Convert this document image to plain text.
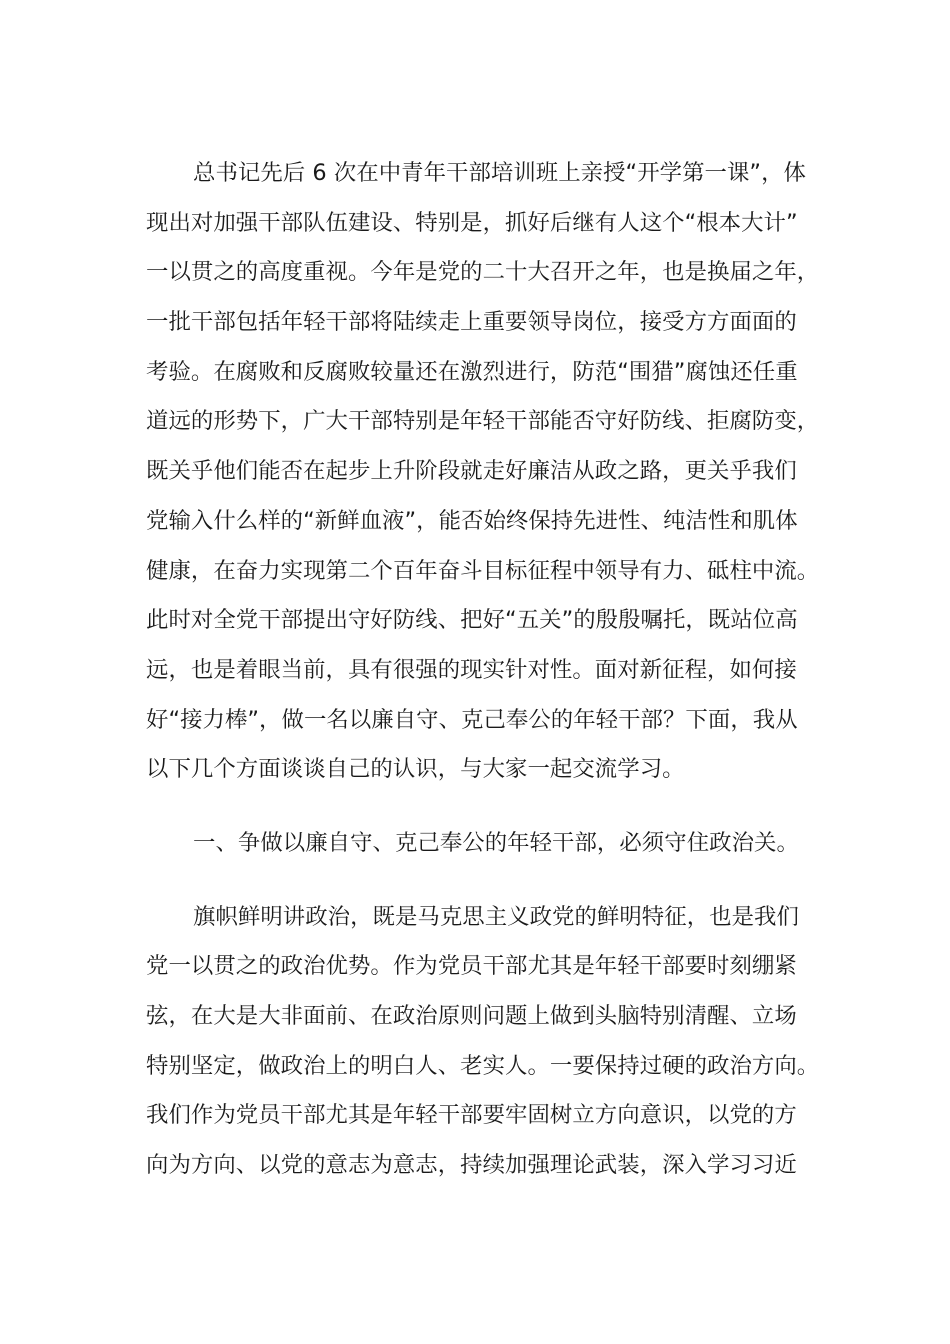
总书记先后 6 次在中青年干部培训班上亲授“开学第一课”，体
现出对加强干部队伍建设、特别是，抓好后继有人这个“根本大计”
一以贯之的高度重视。今年是党的二十大召开之年，也是换届之年，
一批干部包括年轻干部将陆续走上重要领导岗位，接受方方面面的
考验。在腐败和反腐败较量还在激烈进行，防范“围猎”腐蚀还任重
道远的形势下，广大干部特别是年轻干部能否守好防线、拒腐防变，
既关乎他们能否在起步上升阶段就走好廉洁从政之路，更关乎我们
党输入什么样的“新鲜血液”，能否始终保持先进性、纯洁性和肌体
健康，在奋力实现第二个百年奋斗目标征程中领导有力、砥柱中流。
此时对全党干部提出守好防线、把好“五关”的殷殷嘱托，既站位高
远，也是着眼当前，具有很强的现实针对性。面对新征程，如何接
好“接力棒”，做一名以廉自守、克己奉公的年轻干部？下面，我从
以下几个方面谈谈自己的认识，与大家一起交流学习。

一、争做以廉自守、克己奉公的年轻干部，必须守住政治关。

旗帜鲜明讲政治，既是马克思主义政党的鲜明特征，也是我们
党一以贯之的政治优势。作为党员干部尤其是年轻干部要时刻绷紧
弦，在大是大非面前、在政治原则问题上做到头脑特别清醒、立场
特别坚定，做政治上的明白人、老实人。一要保持过硬的政治方向。
我们作为党员干部尤其是年轻干部要牢固树立方向意识，以党的方
向为方向、以党的意志为意志，持续加强理论武装，深入学习习近
